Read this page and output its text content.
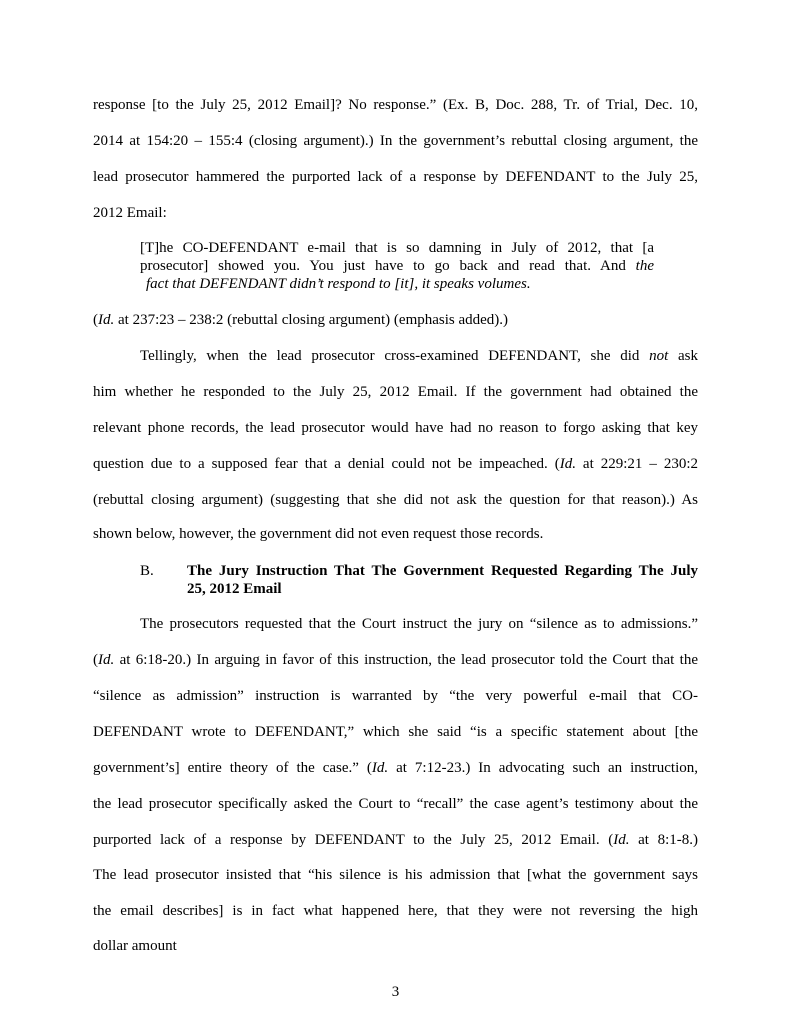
response [to the July 25, 2012 Email]? No response.” (Ex. B, Doc. 288, Tr. of Trial, Dec. 10,
2014 at 154:20 – 155:4 (closing argument).) In the government’s rebuttal closing argument, the
lead prosecutor hammered the purported lack of a response by DEFENDANT to the July 25,
2012 Email:
[T]he CO-DEFENDANT e-mail that is so damning in July of 2012, that [a
prosecutor] showed you. You just have to go back and read that. And the
fact that DEFENDANT didn’t respond to [it], it speaks volumes.
(Id. at 237:23 – 238:2 (rebuttal closing argument) (emphasis added).)
Tellingly, when the lead prosecutor cross-examined DEFENDANT, she did not ask
him whether he responded to the July 25, 2012 Email. If the government had obtained the
relevant phone records, the lead prosecutor would have had no reason to forgo asking that key
question due to a supposed fear that a denial could not be impeached. (Id. at 229:21 – 230:2
(rebuttal closing argument) (suggesting that she did not ask the question for that reason).) As
shown below, however, the government did not even request those records.
B. The Jury Instruction That The Government Requested Regarding The July
25, 2012 Email
The prosecutors requested that the Court instruct the jury on “silence as to admissions.”
(Id. at 6:18-20.) In arguing in favor of this instruction, the lead prosecutor told the Court that the
“silence as admission” instruction is warranted by “the very powerful e-mail that CO-
DEFENDANT wrote to DEFENDANT,” which she said “is a specific statement about [the
government’s] entire theory of the case.” (Id. at 7:12-23.) In advocating such an instruction,
the lead prosecutor specifically asked the Court to “recall” the case agent’s testimony about the
purported lack of a response by DEFENDANT to the July 25, 2012 Email. (Id. at 8:1-8.)
The lead prosecutor insisted that “his silence is his admission that [what the government says
the email describes] is in fact what happened here, that they were not reversing the high
dollar amount
3
